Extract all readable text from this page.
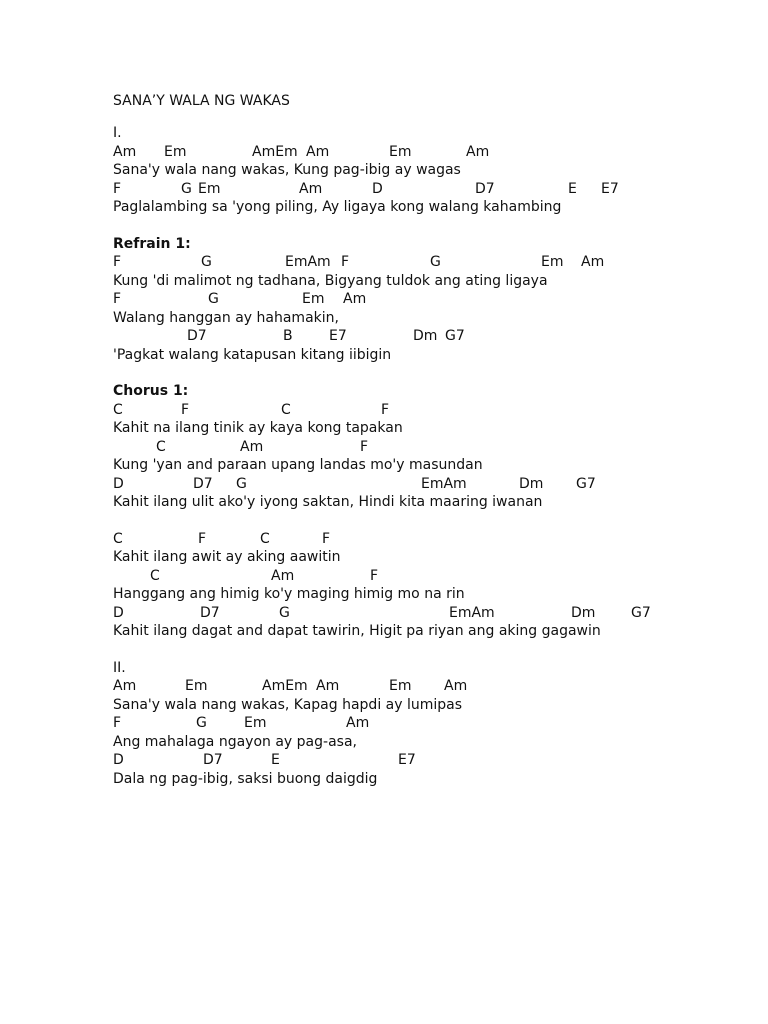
SANA’Y WALA NG WAKAS
I.
Am Em	AmEm Am	Em	Am
Sana'y wala nang wakas, Kung pag-ibig ay wagas
F	G Em	Am	D	D7	E E7
Paglalambing sa 'yong piling, Ay ligaya kong walang kahambing
Refrain 1:
F	G	EmAm F	G	Em Am
Kung 'di malimot ng tadhana, Bigyang tuldok ang ating ligaya
F	G	Em Am
Walang hanggan ay hahamakin,
D7	B	E7	Dm G7
'Pagkat walang katapusan kitang iibigin
Chorus 1:
C	F	C	F
Kahit na ilang tinik ay kaya kong tapakan
C	Am	F
Kung 'yan and paraan upang landas mo'y masundan
D	D7 G	EmAm	Dm G7
Kahit ilang ulit ako'y iyong saktan, Hindi kita maaring iwanan
C	F	C	F
Kahit ilang awit ay aking aawitin
C	Am	F
Hanggang ang himig ko'y maging himig mo na rin
D	D7	G	EmAm	Dm	G7
Kahit ilang dagat and dapat tawirin, Higit pa riyan ang aking gagawin
II.
Am	Em	AmEm Am	Em Am
Sana'y wala nang wakas, Kapag hapdi ay lumipas
F	G	Em	Am
Ang mahalaga ngayon ay pag-asa,
D	D7	E	E7
Dala ng pag-ibig, saksi buong daigdig
